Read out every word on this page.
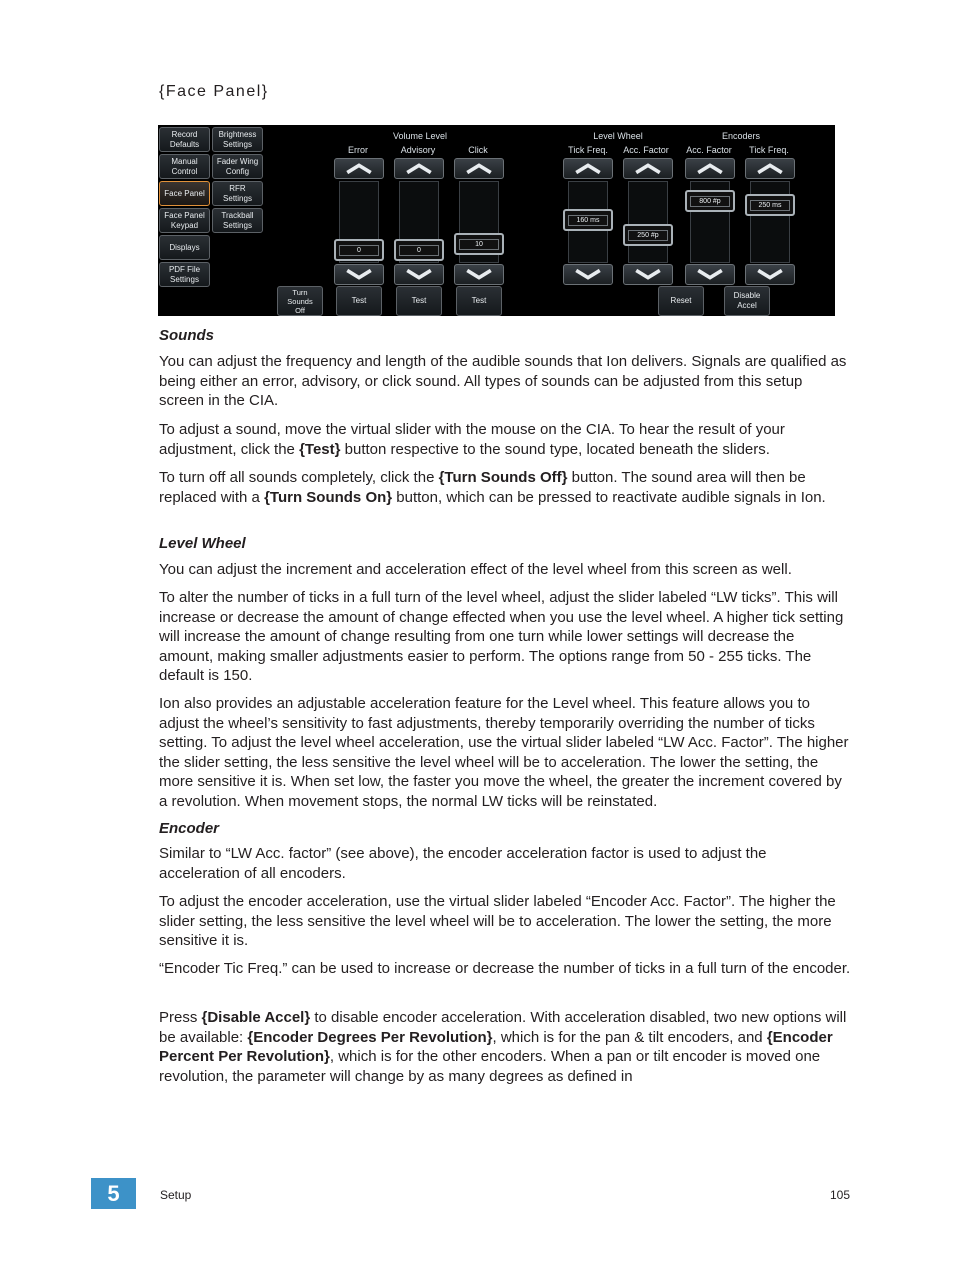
{Face Panel}
Record
Defaults
Brightness
Settings
Manual
Control
Fader Wing
Config
Face Panel
RFR
Settings
Face Panel
Keypad
Trackball
Settings
Displays
PDF File
Settings
Volume Level	Level Wheel	Encoders
Error	Advisory	Click	Tick Freq.	Acc. Factor	Acc. Factor	Tick Freq.
0	0
10
160 ms
250 #p
800 #p
250 ms
Turn
Sounds
Off
Test	Test	Test	Reset
Disable
Accel
Sounds

You can adjust the frequency and length of the audible sounds that Ion delivers. Signals are qualified as being either an error, advisory, or click sound. All types of sounds can be adjusted from this setup screen in the CIA.

To adjust a sound, move the virtual slider with the mouse on the CIA. To hear the result of your adjustment, click the {Test} button respective to the sound type, located beneath the sliders.

To turn off all sounds completely, click the {Turn Sounds Off} button. The sound area will then be replaced with a {Turn Sounds On} button, which can be pressed to reactivate audible signals in Ion.

Level Wheel

You can adjust the increment and acceleration effect of the level wheel from this screen as well.

To alter the number of ticks in a full turn of the level wheel, adjust the slider labeled “LW ticks”. This will increase or decrease the amount of change effected when you use the level wheel. A higher tick setting will increase the amount of change resulting from one turn while lower settings will decrease the amount, making smaller adjustments easier to perform. The options range from 50 - 255 ticks. The default is 150.

Ion also provides an adjustable acceleration feature for the Level wheel. This feature allows you to adjust the wheel’s sensitivity to fast adjustments, thereby temporarily overriding the number of ticks setting. To adjust the level wheel acceleration, use the virtual slider labeled “LW Acc. Factor”. The higher the slider setting, the less sensitive the level wheel will be to acceleration. The lower the setting, the more sensitive it is. When set low, the faster you move the wheel, the greater the increment covered by a revolution. When movement stops, the normal LW ticks will be reinstated.

Encoder

Similar to “LW Acc. factor” (see above), the encoder acceleration factor is used to adjust the acceleration of all encoders.

To adjust the encoder acceleration, use the virtual slider labeled “Encoder Acc. Factor”. The higher the slider setting, the less sensitive the level wheel will be to acceleration. The lower the setting, the more sensitive it is.

“Encoder Tic Freq.” can be used to increase or decrease the number of ticks in a full turn of the encoder.

Press {Disable Accel} to disable encoder acceleration. With acceleration disabled, two new options will be available: {Encoder Degrees Per Revolution}, which is for the pan & tilt encoders, and {Encoder Percent Per Revolution}, which is for the other encoders. When a pan or tilt encoder is moved one revolution, the parameter will change by as many degrees as defined in

5	Setup	105
